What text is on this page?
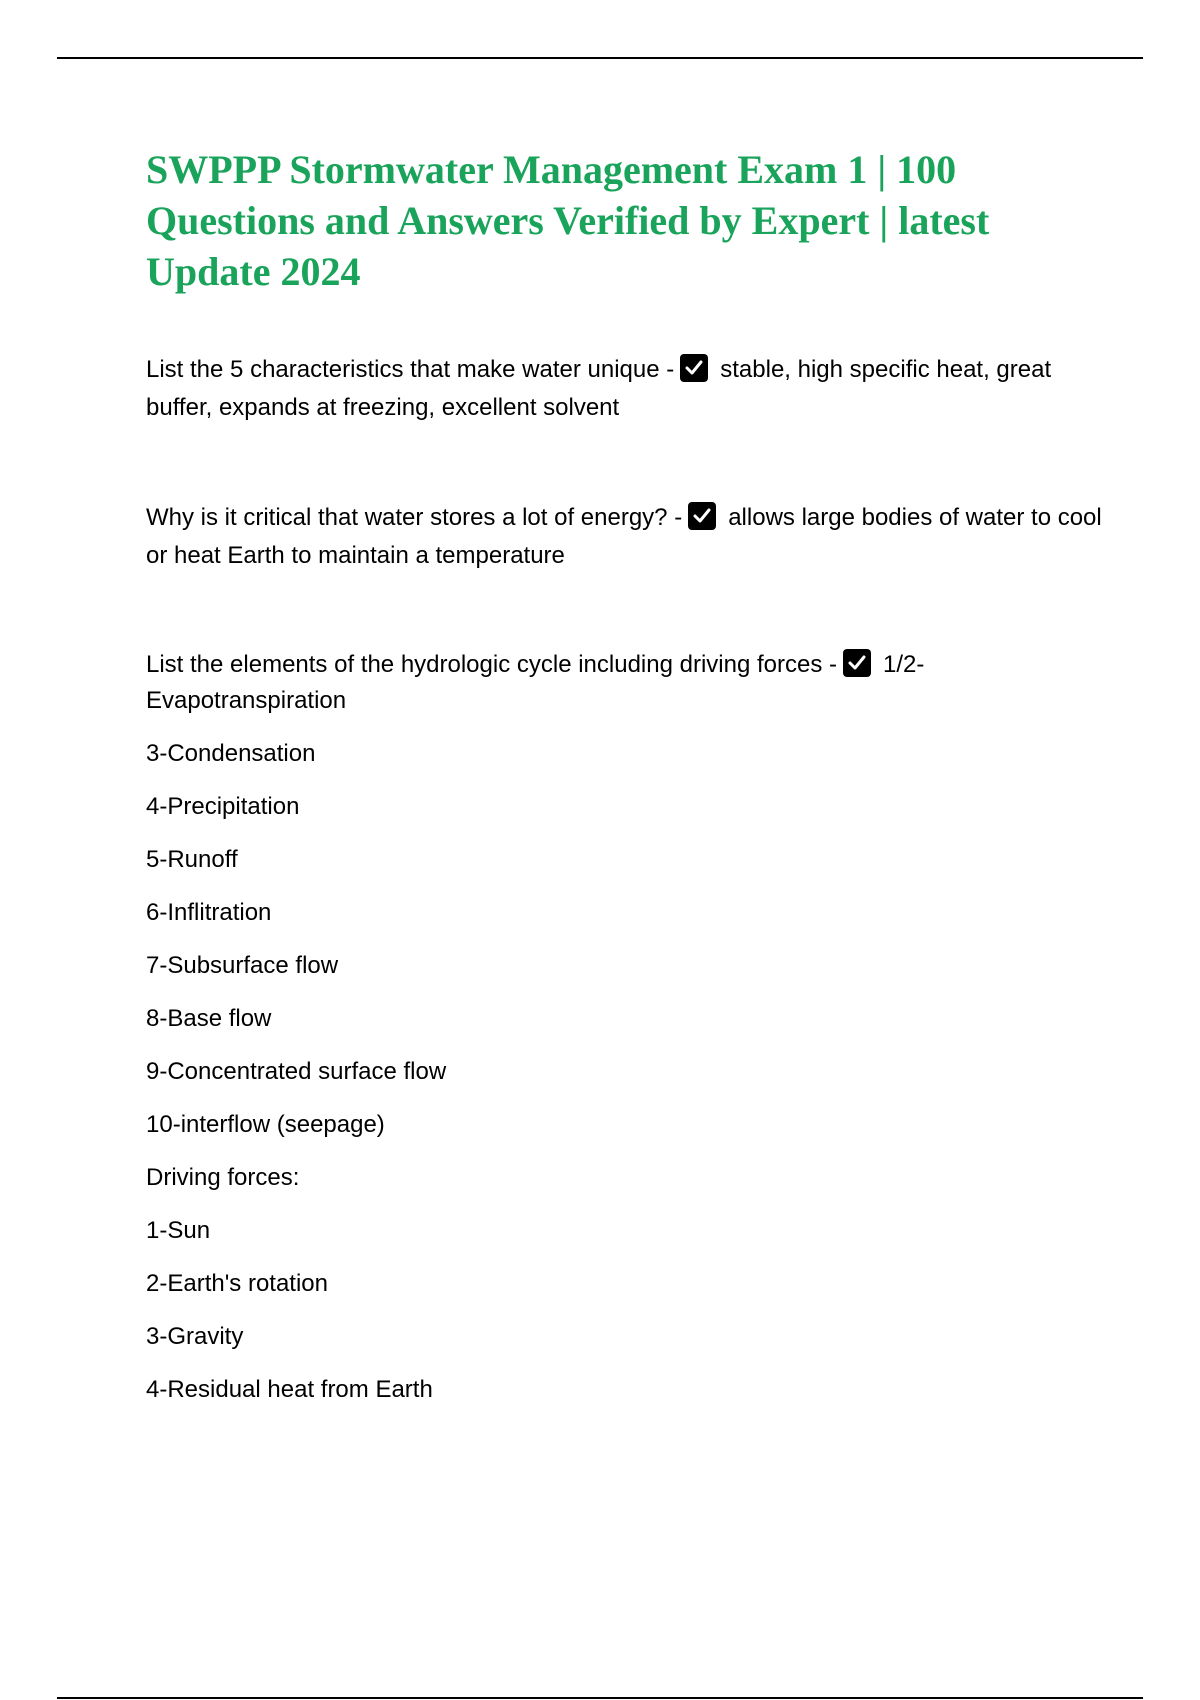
SWPPP Stormwater Management Exam 1 | 100 Questions and Answers Verified by Expert | latest Update 2024

List the 5 characteristics that make water unique - stable, high specific heat, great buffer, expands at freezing, excellent solvent

Why is it critical that water stores a lot of energy? - allows large bodies of water to cool or heat Earth to maintain a temperature

List the elements of the hydrologic cycle including driving forces - 1/2-Evapotranspiration

3-Condensation

4-Precipitation

5-Runoff

6-Inflitration

7-Subsurface flow

8-Base flow

9-Concentrated surface flow

10-interflow (seepage)

Driving forces:

1-Sun

2-Earth's rotation

3-Gravity

4-Residual heat from Earth
